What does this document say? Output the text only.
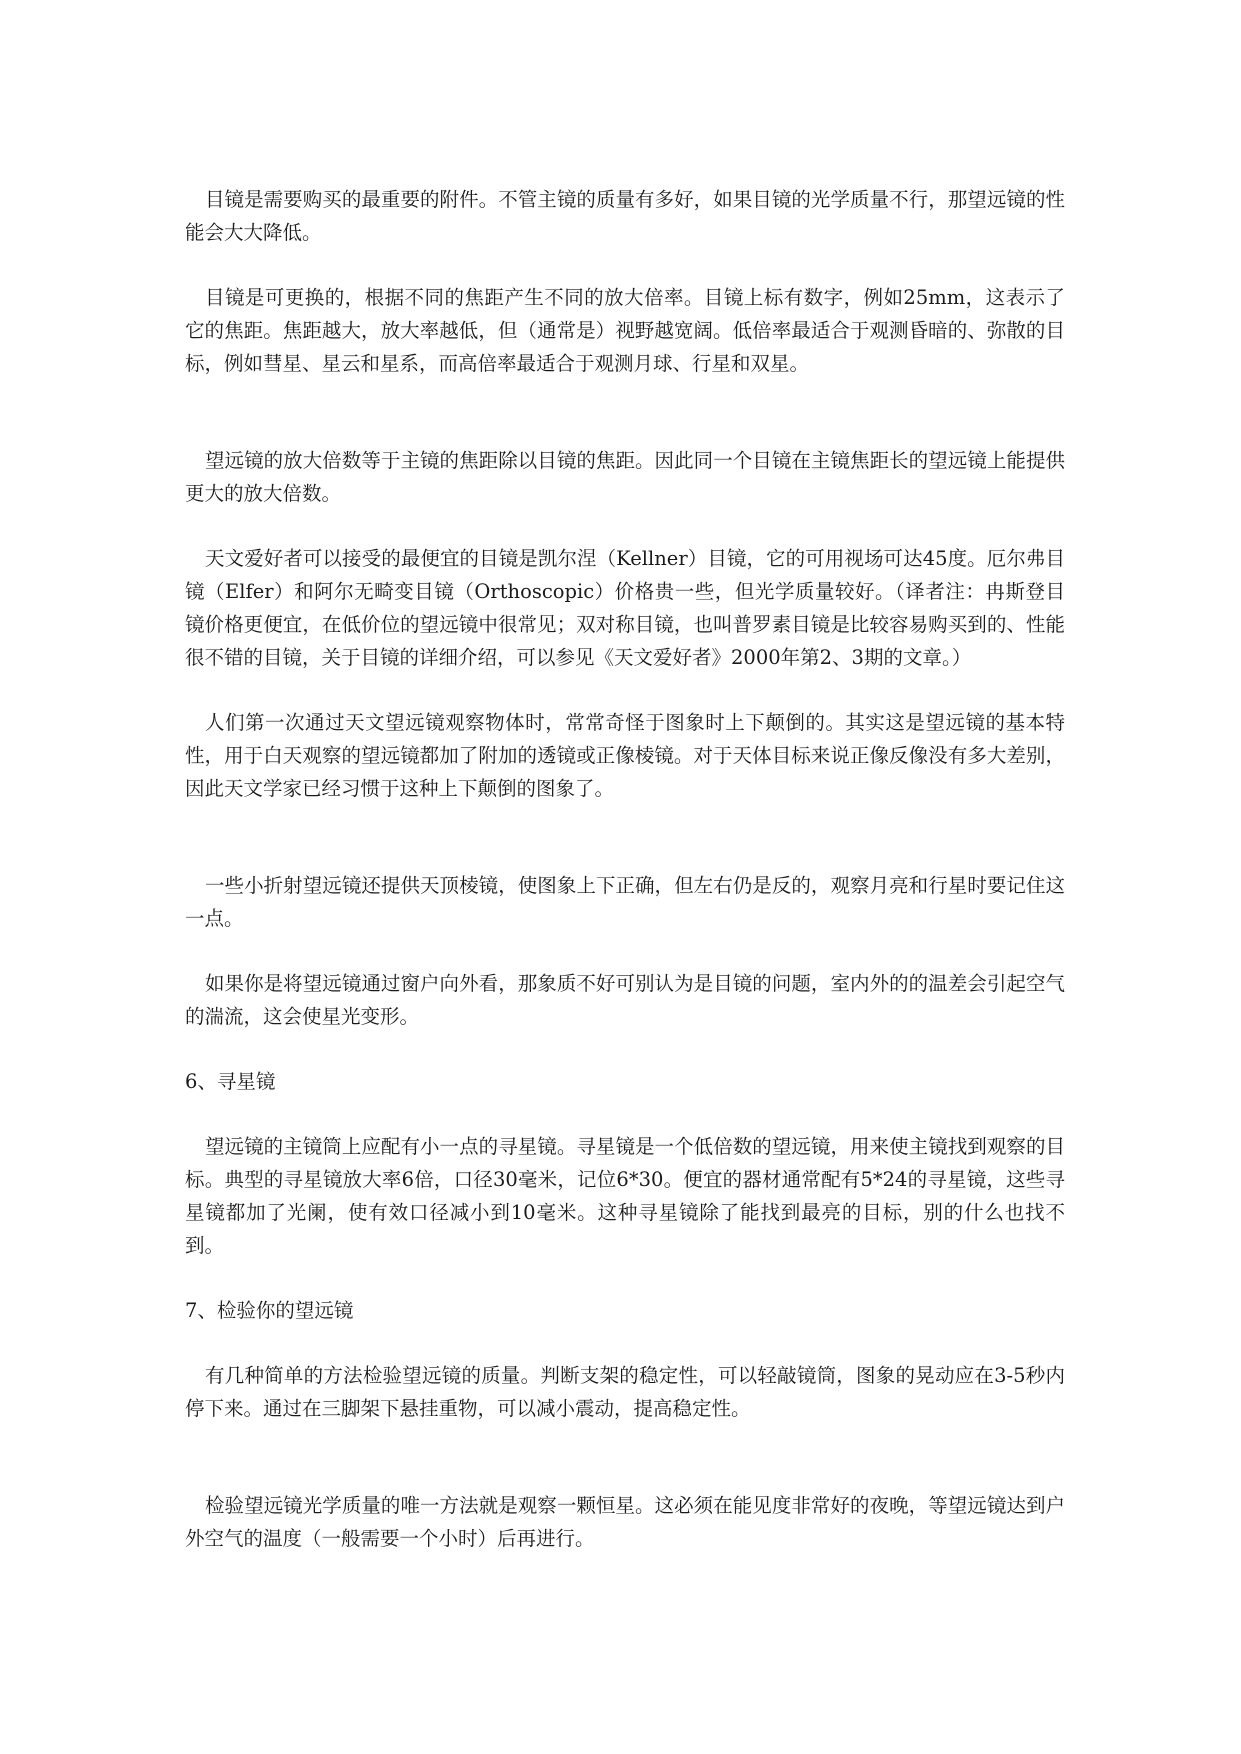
目镜是需要购买的最重要的附件。不管主镜的质量有多好，如果目镜的光学质量不行，那望远镜的性能会大大降低。

目镜是可更换的，根据不同的焦距产生不同的放大倍率。目镜上标有数字，例如25mm，这表示了它的焦距。焦距越大，放大率越低，但（通常是）视野越宽阔。低倍率最适合于观测昏暗的、弥散的目标，例如彗星、星云和星系，而高倍率最适合于观测月球、行星和双星。

望远镜的放大倍数等于主镜的焦距除以目镜的焦距。因此同一个目镜在主镜焦距长的望远镜上能提供更大的放大倍数。

天文爱好者可以接受的最便宜的目镜是凯尔涅（Kellner）目镜，它的可用视场可达45度。厄尔弗目镜（Elfer）和阿尔无畸变目镜（Orthoscopic）价格贵一些，但光学质量较好。（译者注：冉斯登目镜价格更便宜，在低价位的望远镜中很常见；双对称目镜，也叫普罗素目镜是比较容易购买到的、性能很不错的目镜，关于目镜的详细介绍，可以参见《天文爱好者》2000年第2、3期的文章。）

人们第一次通过天文望远镜观察物体时，常常奇怪于图象时上下颠倒的。其实这是望远镜的基本特性，用于白天观察的望远镜都加了附加的透镜或正像棱镜。对于天体目标来说正像反像没有多大差别，因此天文学家已经习惯于这种上下颠倒的图象了。

一些小折射望远镜还提供天顶棱镜，使图象上下正确，但左右仍是反的，观察月亮和行星时要记住这一点。

如果你是将望远镜通过窗户向外看，那象质不好可别认为是目镜的问题，室内外的的温差会引起空气的湍流，这会使星光变形。

6、寻星镜

望远镜的主镜筒上应配有小一点的寻星镜。寻星镜是一个低倍数的望远镜，用来使主镜找到观察的目标。典型的寻星镜放大率6倍，口径30毫米，记位6*30。便宜的器材通常配有5*24的寻星镜，这些寻星镜都加了光阑，使有效口径减小到10毫米。这种寻星镜除了能找到最亮的目标，别的什么也找不到。

7、检验你的望远镜

有几种简单的方法检验望远镜的质量。判断支架的稳定性，可以轻敲镜筒，图象的晃动应在3-5秒内停下来。通过在三脚架下悬挂重物，可以减小震动，提高稳定性。

检验望远镜光学质量的唯一方法就是观察一颗恒星。这必须在能见度非常好的夜晚，等望远镜达到户外空气的温度（一般需要一个小时）后再进行。
